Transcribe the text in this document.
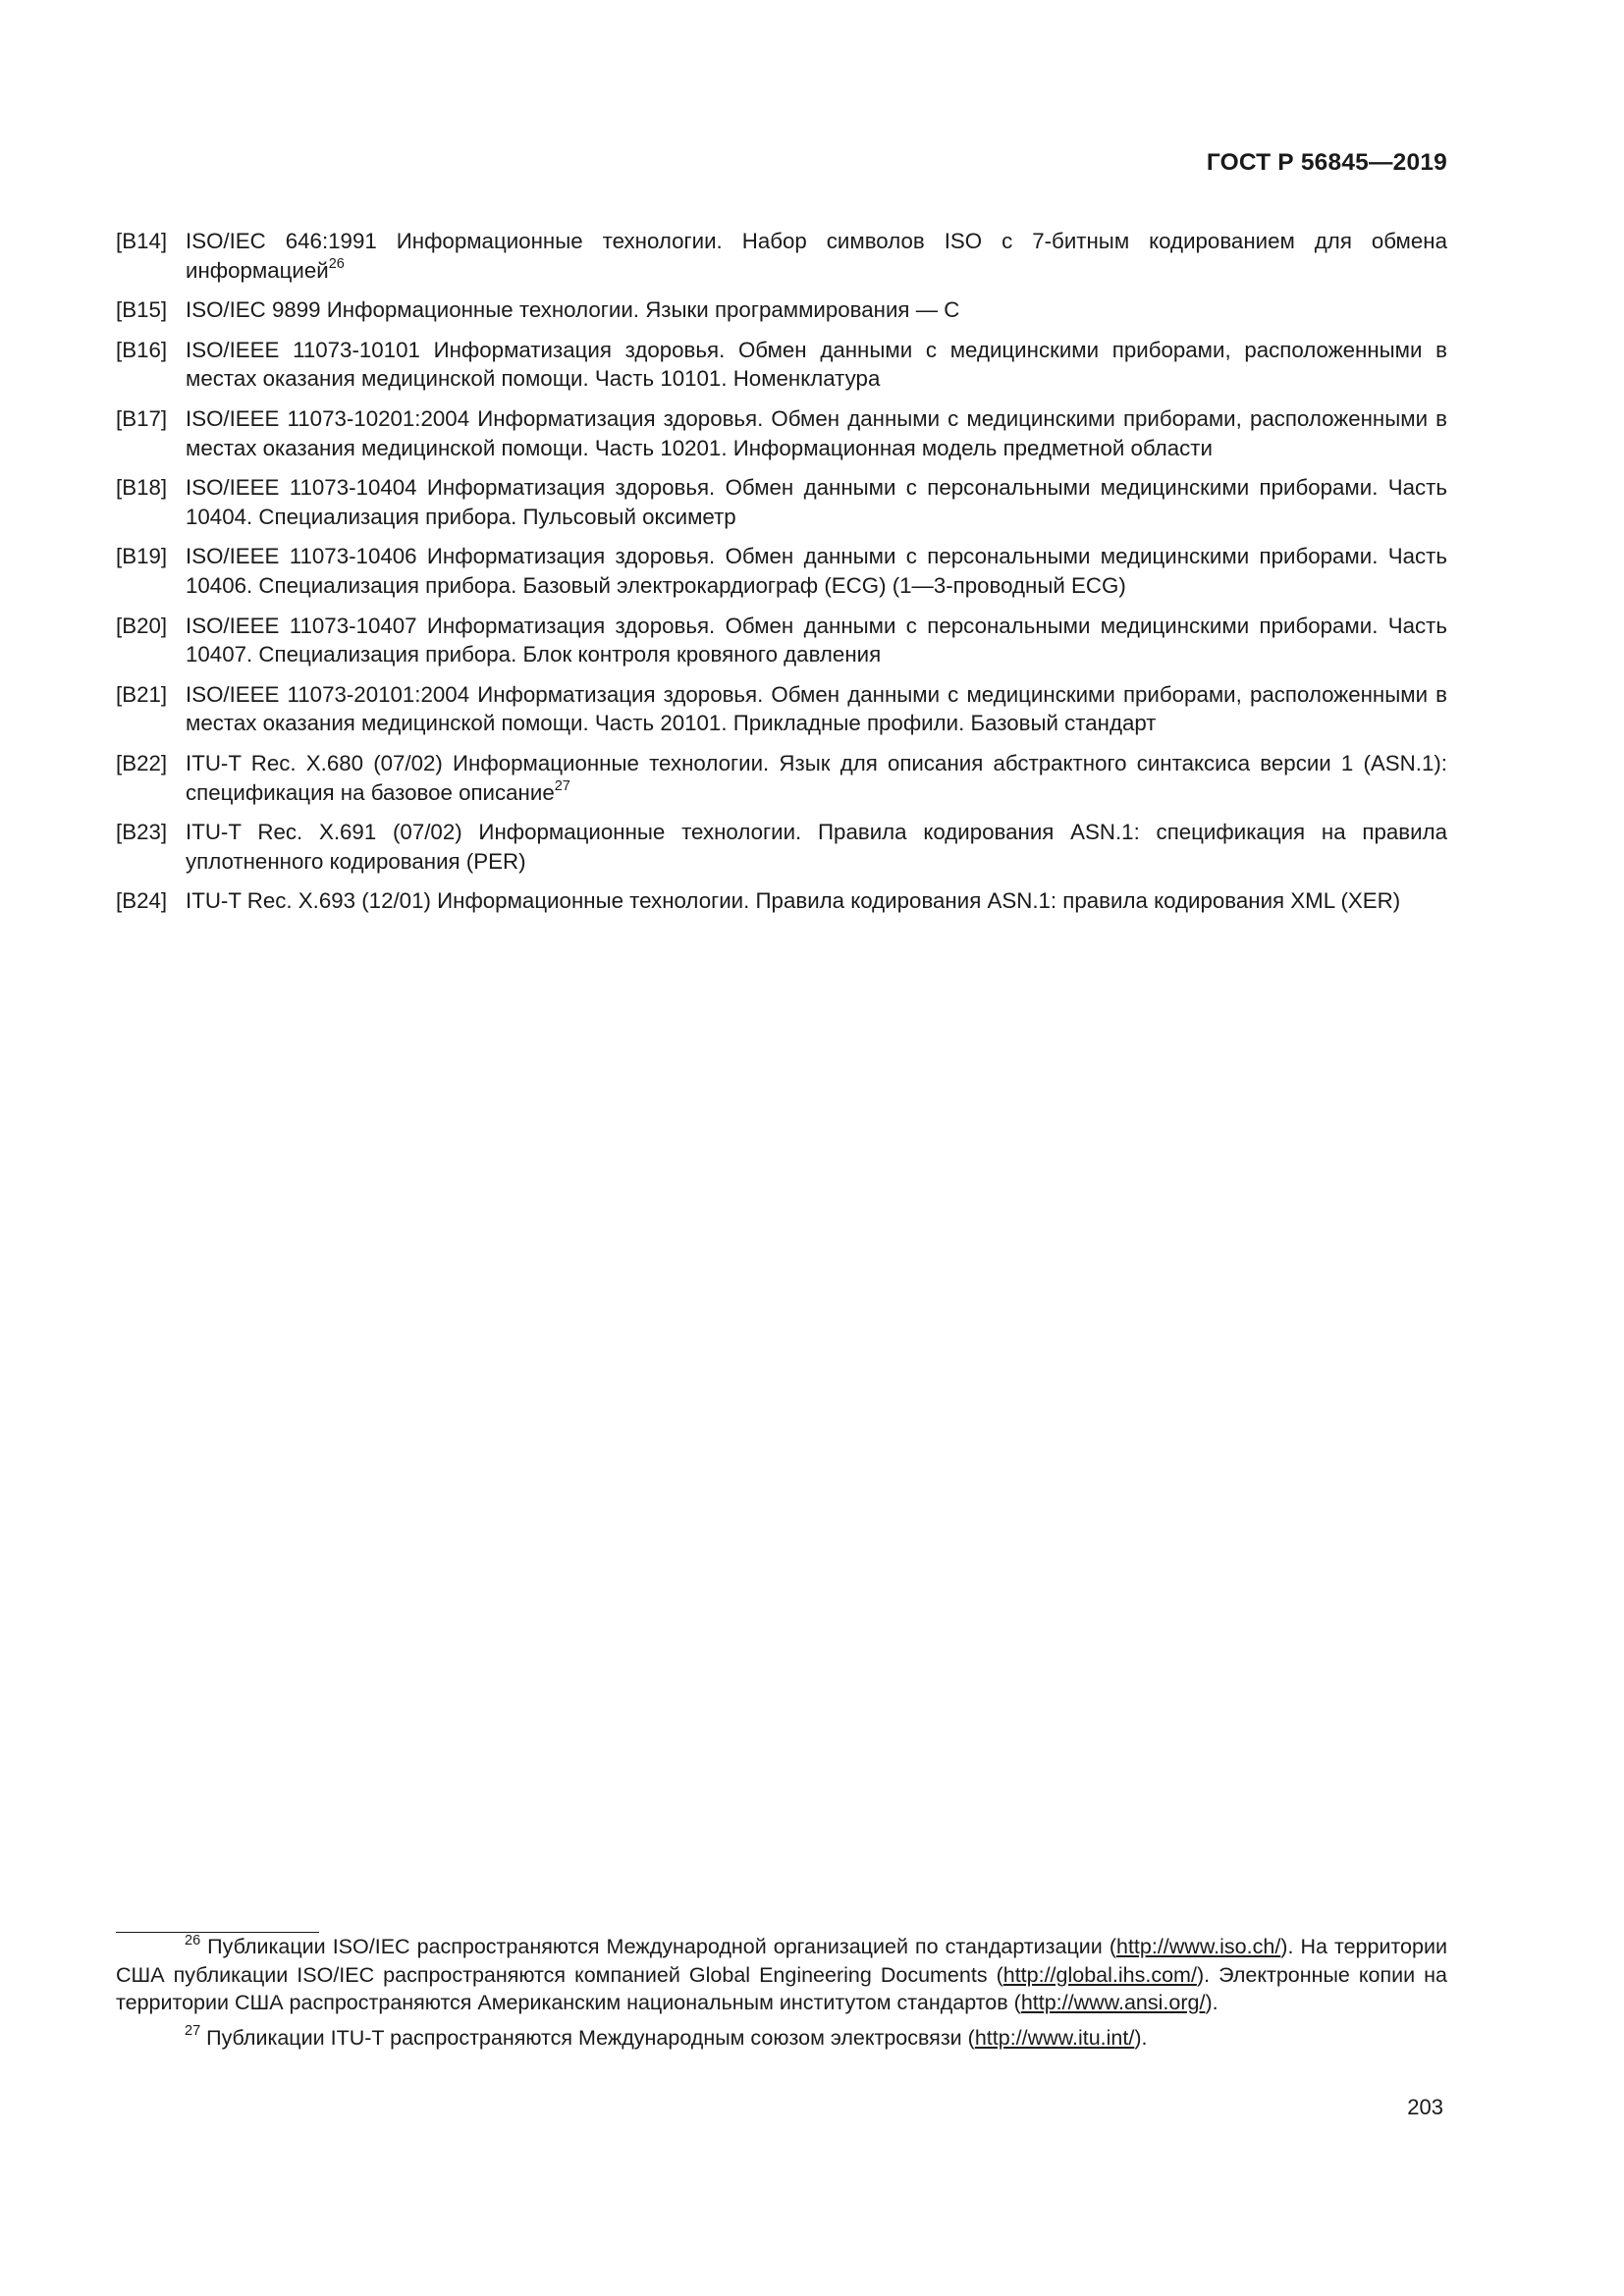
ГОСТ Р 56845—2019
[B14] ISO/IEC 646:1991 Информационные технологии. Набор символов ISO с 7-битным кодированием для обмена информацией$^{26}$
[B15] ISO/IEC 9899 Информационные технологии. Языки программирования — C
[B16] ISO/IEEE 11073-10101 Информатизация здоровья. Обмен данными с медицинскими приборами, расположенными в местах оказания медицинской помощи. Часть 10101. Номенклатура
[B17] ISO/IEEE 11073-10201:2004 Информатизация здоровья. Обмен данными с медицинскими приборами, расположенными в местах оказания медицинской помощи. Часть 10201. Информационная модель предметной области
[B18] ISO/IEEE 11073-10404 Информатизация здоровья. Обмен данными с персональными медицинскими приборами. Часть 10404. Специализация прибора. Пульсовый оксиметр
[B19] ISO/IEEE 11073-10406 Информатизация здоровья. Обмен данными с персональными медицинскими приборами. Часть 10406. Специализация прибора. Базовый электрокардиограф (ECG) (1—3-проводный ECG)
[B20] ISO/IEEE 11073-10407 Информатизация здоровья. Обмен данными с персональными медицинскими приборами. Часть 10407. Специализация прибора. Блок контроля кровяного давления
[B21] ISO/IEEE 11073-20101:2004 Информатизация здоровья. Обмен данными с медицинскими приборами, расположенными в местах оказания медицинской помощи. Часть 20101. Прикладные профили. Базовый стандарт
[B22] ITU-T Rec. X.680 (07/02) Информационные технологии. Язык для описания абстрактного синтаксиса версии 1 (ASN.1): спецификация на базовое описание$^{27}$
[B23] ITU-T Rec. X.691 (07/02) Информационные технологии. Правила кодирования ASN.1: спецификация на правила уплотненного кодирования (PER)
[B24] ITU-T Rec. X.693 (12/01) Информационные технологии. Правила кодирования ASN.1: правила кодирования XML (XER)
$^{26}$ Публикации ISO/IEC распространяются Международной организацией по стандартизации (http://www.iso.ch/). На территории США публикации ISO/IEC распространяются компанией Global Engineering Documents (http://global.ihs.com/). Электронные копии на территории США распространяются Американским национальным институтом стандартов (http://www.ansi.org/).
$^{27}$ Публикации ITU-T распространяются Международным союзом электросвязи (http://www.itu.int/).
203
